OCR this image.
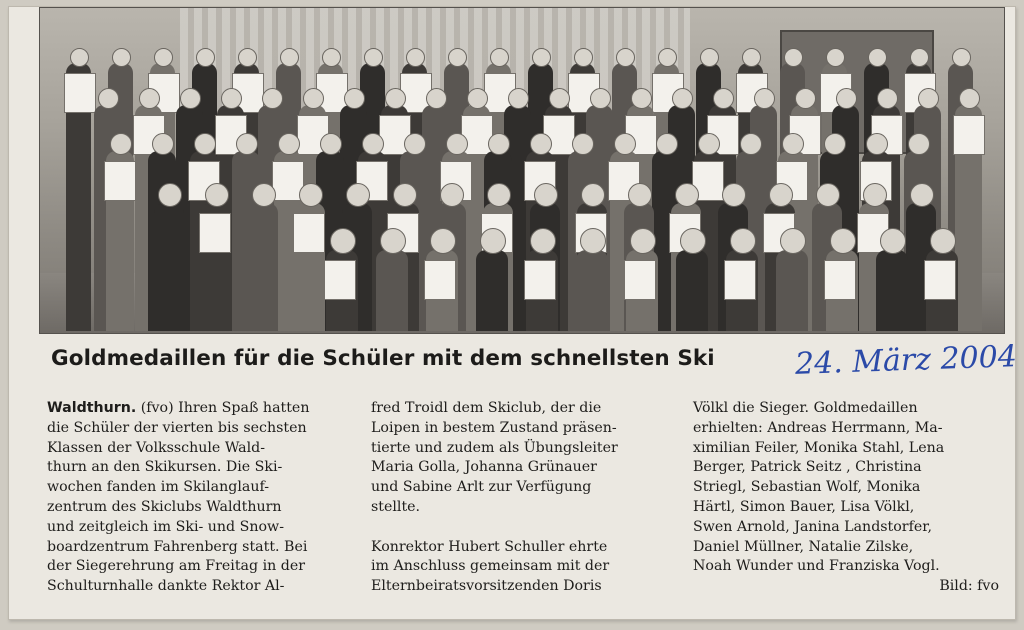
Goldmedaillen für die Schüler mit dem schnellsten Ski	24. März 2004
Waldthurn. (fvo) Ihren Spaß hatten
die Schüler der vierten bis sechsten
Klassen der Volksschule Wald-
thurn an den Skikursen. Die Ski-
wochen fanden im Skilanglauf-
zentrum des Skiclubs Waldthurn
und zeitgleich im Ski- und Snow-
boardzentrum Fahrenberg statt. Bei
der Siegerehrung am Freitag in der
Schulturnhalle dankte Rektor Al-
fred Troidl dem Skiclub, der die
Loipen in bestem Zustand präsen-
tierte und zudem als Übungsleiter
Maria Golla, Johanna Grünauer
und Sabine Arlt zur Verfügung
stellte.
Konrektor Hubert Schuller ehrte
im Anschluss gemeinsam mit der
Elternbeiratsvorsitzenden Doris
Völkl die Sieger. Goldmedaillen
erhielten: Andreas Herrmann, Ma-
ximilian Feiler, Monika Stahl, Lena
Berger, Patrick Seitz , Christina
Striegl, Sebastian Wolf, Monika
Härtl, Simon Bauer, Lisa Völkl,
Swen Arnold, Janina Landstorfer,
Daniel Müllner, Natalie Zilske,
Noah Wunder und Franziska Vogl.
Bild: fvo
